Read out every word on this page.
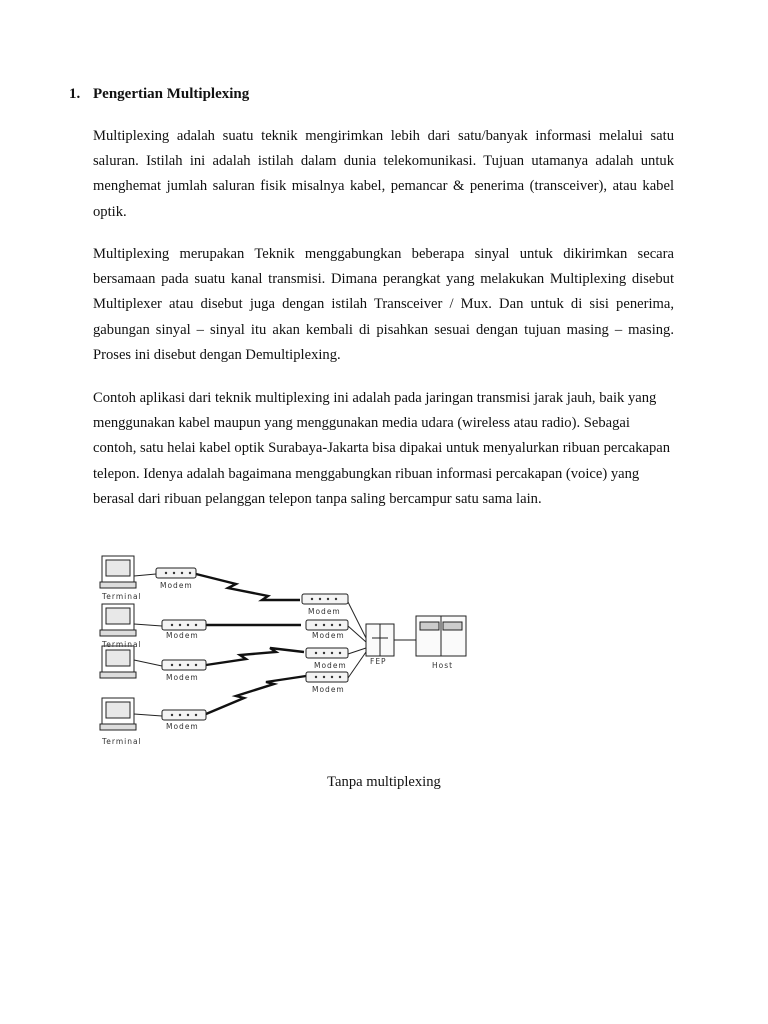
1. Pengertian Multiplexing

Multiplexing adalah suatu teknik mengirimkan lebih dari satu/banyak informasi melalui satu saluran. Istilah ini adalah istilah dalam dunia telekomunikasi. Tujuan utamanya adalah untuk menghemat jumlah saluran fisik misalnya kabel, pemancar & penerima (transceiver), atau kabel optik.

Multiplexing merupakan Teknik menggabungkan beberapa sinyal untuk dikirimkan secara bersamaan pada suatu kanal transmisi. Dimana perangkat yang melakukan Multiplexing disebut Multiplexer atau disebut juga dengan istilah Transceiver / Mux. Dan untuk di sisi penerima, gabungan sinyal – sinyal itu akan kembali di pisahkan sesuai dengan tujuan masing – masing. Proses ini disebut dengan Demultiplexing.

Contoh aplikasi dari teknik multiplexing ini adalah pada jaringan transmisi jarak jauh, baik yang menggunakan kabel maupun yang menggunakan media udara (wireless atau radio). Sebagai contoh, satu helai kabel optik Surabaya-Jakarta bisa dipakai untuk menyalurkan ribuan percakapan telepon. Idenya adalah bagaimana menggabungkan ribuan informasi percakapan (voice) yang berasal dari ribuan pelanggan telepon tanpa saling bercampur satu sama lain.

Terminal
Terminal
Terminal
Modem
Modem
Modem
Modem
Modem
Modem
Modem
Modem
FEP	Host
Tanpa multiplexing
